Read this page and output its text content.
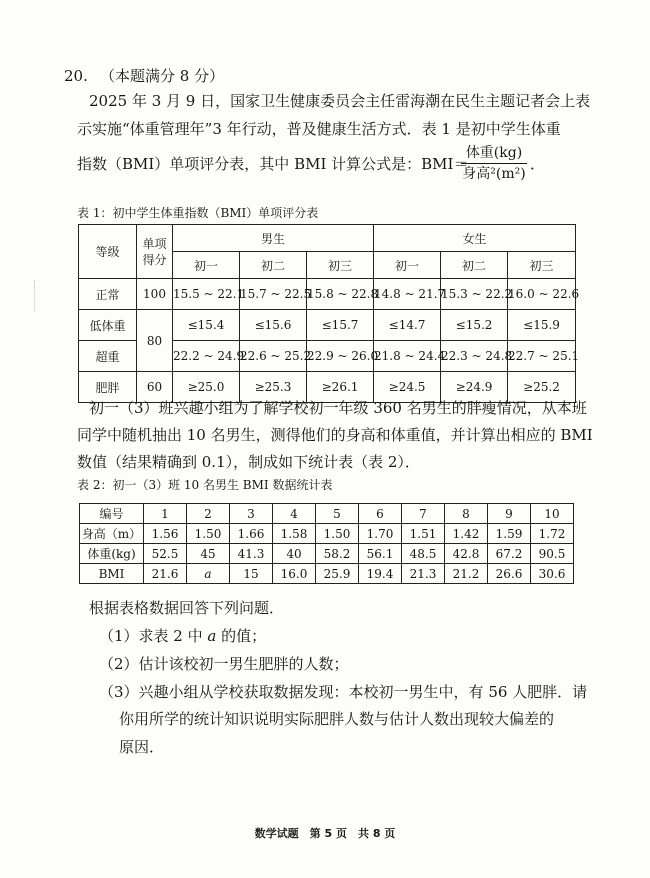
20. （本题满分 8 分）
2025 年 3 月 9 日，国家卫生健康委员会主任雷海潮在民生主题记者会上表
示实施“体重管理年”3 年行动，普及健康生活方式．表 1 是初中学生体重
指数（BMI）单项评分表，其中 BMI 计算公式是：BMI＝
体重(kg)
身高²(m²)
．
表 1：初中学生体重指数（BMI）单项评分表
等级	单项得分	男生			女生		
		初一	初二	初三	初一	初二	初三
正常	100	15.5 ~ 22.1	15.7 ~ 22.5	15.8 ~ 22.8	14.8 ~ 21.7	15.3 ~ 22.2	16.0 ~ 22.6
低体重	80	≤15.4	≤15.6	≤15.7	≤14.7	≤15.2	≤15.9
超重		22.2 ~ 24.9	22.6 ~ 25.2	22.9 ~ 26.0	21.8 ~ 24.4	22.3 ~ 24.8	22.7 ~ 25.1
肥胖	60	≥25.0	≥25.3	≥26.1	≥24.5	≥24.9	≥25.2
初一（3）班兴趣小组为了解学校初一年级 360 名男生的胖瘦情况，从本班
同学中随机抽出 10 名男生，测得他们的身高和体重值，并计算出相应的 BMI
数值（结果精确到 0.1），制成如下统计表（表 2）．
表 2：初一（3）班 10 名男生 BMI 数据统计表
编号	1	2	3	4	5	6	7	8	9	10
身高（m）	1.56	1.50	1.66	1.58	1.50	1.70	1.51	1.42	1.59	1.72
体重(kg)	52.5	45	41.3	40	58.2	56.1	48.5	42.8	67.2	90.5
BMI	21.6	a	15	16.0	25.9	19.4	21.3	21.2	26.6	30.6
根据表格数据回答下列问题．
（1）求表 2 中 a 的值；
（2）估计该校初一男生肥胖的人数；
（3）兴趣小组从学校获取数据发现：本校初一男生中，有 56 人肥胖．请
你用所学的统计知识说明实际肥胖人数与估计人数出现较大偏差的
原因．
数学试题　第 5 页　共 8 页
